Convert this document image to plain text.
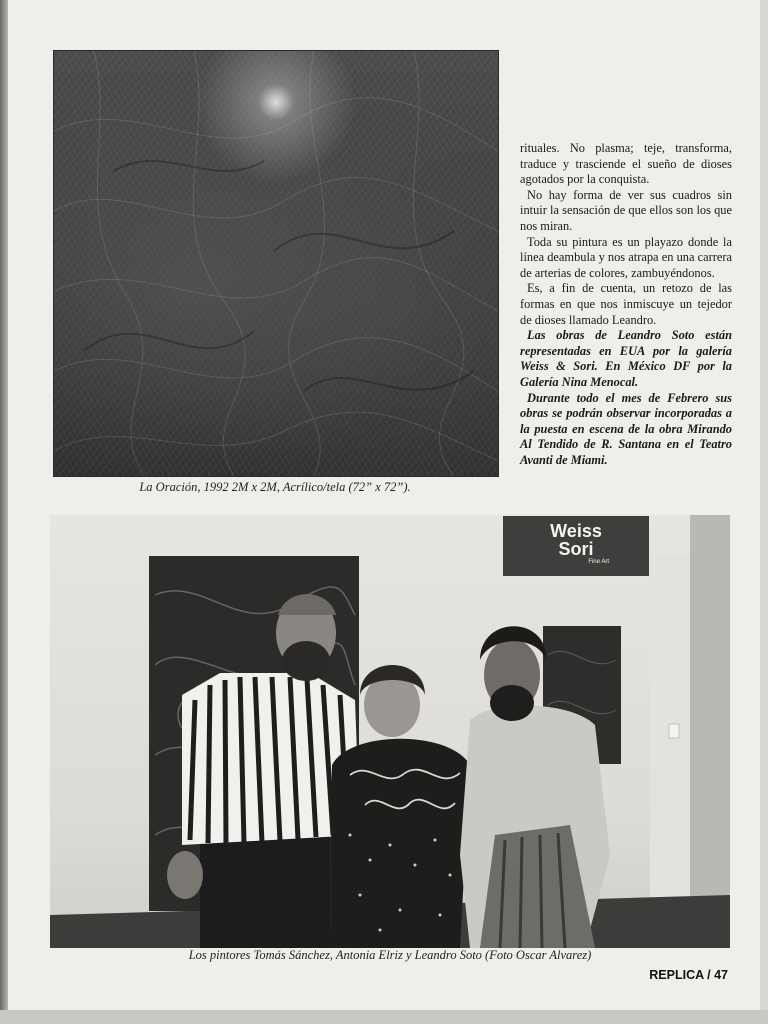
La Oración, 1992 2M x 2M, Acrílico/tela (72” x 72”).

rituales. No plasma; teje, transforma, traduce y trasciende el sueño de dioses agotados por la conquista.

No hay forma de ver sus cuadros sin intuir la sensación de que ellos son los que nos miran.

Toda su pintura es un playazo donde la línea deambula y nos atrapa en una carrera de arterias de colores, zambuyéndonos.

Es, a fin de cuenta, un retozo de las formas en que nos inmiscuye un tejedor de dioses llamado Leandro.

Las obras de Leandro Soto están representadas en EUA por la galería Weiss & Sori. En México DF por la Galería Nina Menocal.

Durante todo el mes de Febrero sus obras se podrán observar incorporadas a la puesta en escena de la obra Mirando Al Tendido de R. Santana en el Teatro Avanti de Miami.

Weiss
Sori
Fine Art
Los pintores Tomás Sánchez, Antonia Elriz y Leandro Soto (Foto Oscar Alvarez)
REPLICA / 47
